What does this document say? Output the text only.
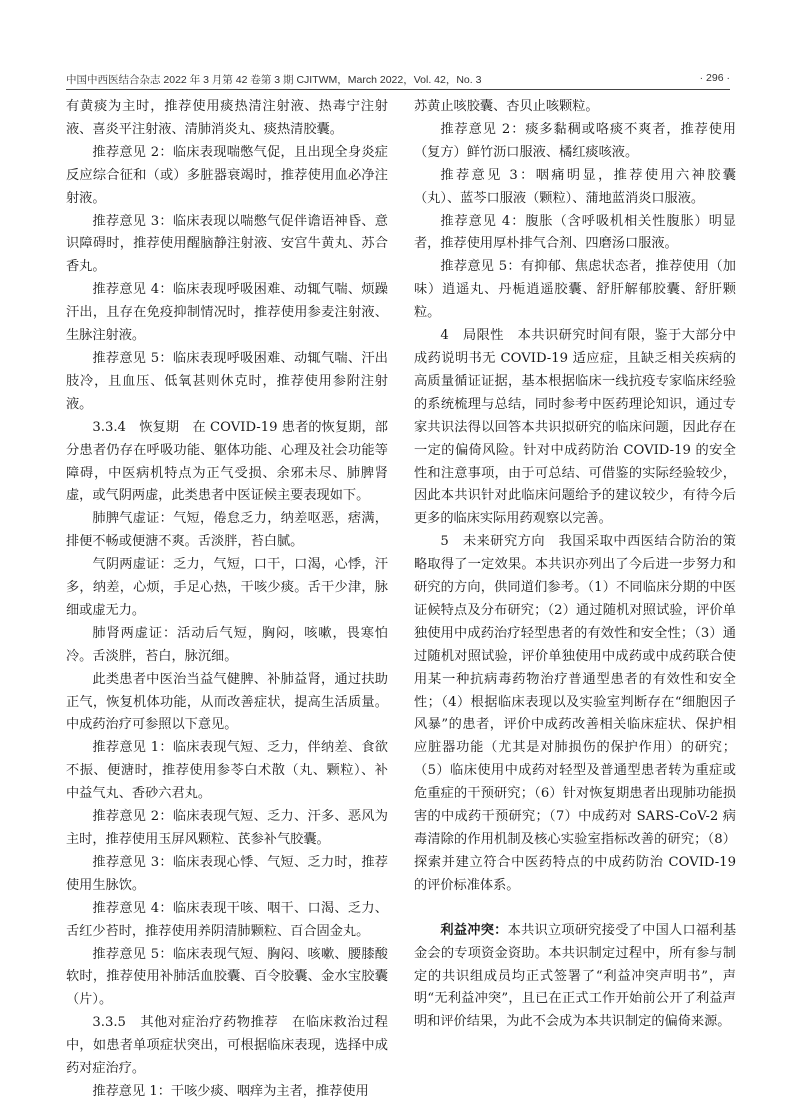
中国中西医结合杂志 2022 年 3 月第 42 卷第 3 期 CJITWM，March 2022，Vol. 42，No. 3	· 296 ·

有黄痰为主时，推荐使用痰热清注射液、热毒宁注射液、喜炎平注射液、清肺消炎丸、痰热清胶囊。

推荐意见 2：临床表现喘憋气促，且出现全身炎症反应综合征和（或）多脏器衰竭时，推荐使用血必净注射液。

推荐意见 3：临床表现以喘憋气促伴谵语神昏、意识障碍时，推荐使用醒脑静注射液、安宫牛黄丸、苏合香丸。

推荐意见 4：临床表现呼吸困难、动辄气喘、烦躁汗出，且存在免疫抑制情况时，推荐使用参麦注射液、生脉注射液。

推荐意见 5：临床表现呼吸困难、动辄气喘、汗出肢冷，且血压、低氧甚则休克时，推荐使用参附注射液。

3.3.4　恢复期　在 COVID-19 患者的恢复期，部分患者仍存在呼吸功能、躯体功能、心理及社会功能等障碍，中医病机特点为正气受损、余邪未尽、肺脾肾虚，或气阴两虚，此类患者中医证候主要表现如下。

肺脾气虚证：气短，倦怠乏力，纳差呕恶，痞满，排便不畅或便溏不爽。舌淡胖，苔白腻。

气阴两虚证：乏力，气短，口干，口渴，心悸，汗多，纳差，心烦，手足心热，干咳少痰。舌干少津，脉细或虚无力。

肺肾两虚证：活动后气短，胸闷，咳嗽，畏寒怕冷。舌淡胖，苔白，脉沉细。

此类患者中医治当益气健脾、补肺益肾，通过扶助正气，恢复机体功能，从而改善症状，提高生活质量。中成药治疗可参照以下意见。

推荐意见 1：临床表现气短、乏力，伴纳差、食欲不振、便溏时，推荐使用参苓白术散（丸、颗粒）、补中益气丸、香砂六君丸。

推荐意见 2：临床表现气短、乏力、汗多、恶风为主时，推荐使用玉屏风颗粒、芪参补气胶囊。

推荐意见 3：临床表现心悸、气短、乏力时，推荐使用生脉饮。

推荐意见 4：临床表现干咳、咽干、口渴、乏力、舌红少苔时，推荐使用养阴清肺颗粒、百合固金丸。

推荐意见 5：临床表现气短、胸闷、咳嗽、腰膝酸软时，推荐使用补肺活血胶囊、百令胶囊、金水宝胶囊（片）。

3.3.5　其他对症治疗药物推荐　在临床救治过程中，如患者单项症状突出，可根据临床表现，选择中成药对症治疗。

推荐意见 1：干咳少痰、咽痒为主者，推荐使用

苏黄止咳胶囊、杏贝止咳颗粒。

推荐意见 2：痰多黏稠或咯痰不爽者，推荐使用（复方）鲜竹沥口服液、橘红痰咳液。

推荐意见 3：咽痛明显，推荐使用六神胶囊（丸）、蓝芩口服液（颗粒）、蒲地蓝消炎口服液。

推荐意见 4：腹胀（含呼吸机相关性腹胀）明显者，推荐使用厚朴排气合剂、四磨汤口服液。

推荐意见 5：有抑郁、焦虑状态者，推荐使用（加味）逍遥丸、丹栀逍遥胶囊、舒肝解郁胶囊、舒肝颗粒。

4　局限性　本共识研究时间有限，鉴于大部分中成药说明书无 COVID-19 适应症，且缺乏相关疾病的高质量循证证据，基本根据临床一线抗疫专家临床经验的系统梳理与总结，同时参考中医药理论知识，通过专家共识法得以回答本共识拟研究的临床问题，因此存在一定的偏倚风险。针对中成药防治 COVID-19 的安全性和注意事项，由于可总结、可借鉴的实际经验较少，因此本共识针对此临床问题给予的建议较少，有待今后更多的临床实际用药观察以完善。

5　未来研究方向　我国采取中西医结合防治的策略取得了一定效果。本共识亦列出了今后进一步努力和研究的方向，供同道们参考。（1）不同临床分期的中医证候特点及分布研究；（2）通过随机对照试验，评价单独使用中成药治疗轻型患者的有效性和安全性；（3）通过随机对照试验，评价单独使用中成药或中成药联合使用某一种抗病毒药物治疗普通型患者的有效性和安全性；（4）根据临床表现以及实验室判断存在“细胞因子风暴”的患者，评价中成药改善相关临床症状、保护相应脏器功能（尤其是对肺损伤的保护作用）的研究；（5）临床使用中成药对轻型及普通型患者转为重症或危重症的干预研究；（6）针对恢复期患者出现肺功能损害的中成药干预研究；（7）中成药对 SARS-CoV-2 病毒清除的作用机制及核心实验室指标改善的研究；（8）探索并建立符合中医药特点的中成药防治 COVID-19 的评价标准体系。

利益冲突：本共识立项研究接受了中国人口福利基金会的专项资金资助。本共识制定过程中，所有参与制定的共识组成员均正式签署了“利益冲突声明书”，声明“无利益冲突”，且已在正式工作开始前公开了利益声明和评价结果，为此不会成为本共识制定的偏倚来源。
